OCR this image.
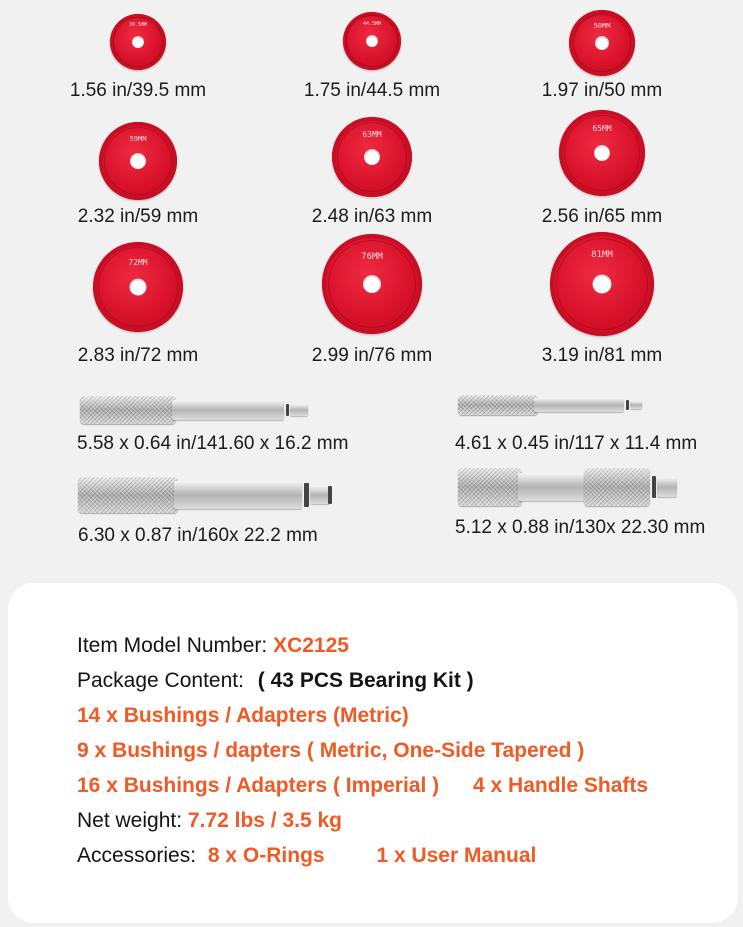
39.5MM
1.56 in/39.5 mm
44.5MM
1.75 in/44.5 mm
50MM
1.97 in/50 mm
59MM
2.32 in/59 mm
63MM
2.48 in/63 mm
65MM
2.56 in/65 mm
72MM
2.83 in/72 mm
76MM
2.99 in/76 mm
81MM
3.19 in/81 mm
5.58 x 0.64 in/141.60 x 16.2 mm	4.61 x 0.45 in/117 x 11.4 mm
6.30 x 0.87 in/160x 22.2 mm	5.12 x 0.88 in/130x 22.30 mm
Item Model Number: XC2125
Package Content: ( 43 PCS Bearing Kit )
14 x Bushings / Adapters (Metric)
9 x Bushings / dapters ( Metric, One-Side Tapered )
16 x Bushings / Adapters ( Imperial ) 4 x Handle Shafts
Net weight: 7.72 lbs / 3.5 kg
Accessories: 8 x O-Rings 1 x User Manual
